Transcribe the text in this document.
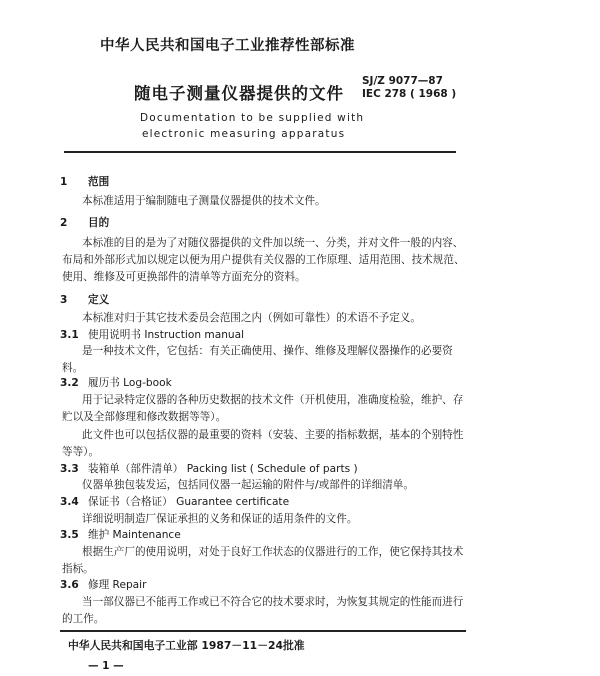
中华人民共和国电子工业推荐性部标准
随电子测量仪器提供的文件
SJ/Z 9077—87
IEC 278 ( 1968 )
Documentation to be supplied with
electronic measuring apparatus
1 范围
本标准适用于编制随电子测量仪器提供的技术文件。
2 目的
本标准的目的是为了对随仪器提供的文件加以统一、分类，并对文件一般的内容、
布局和外部形式加以规定以便为用户提供有关仪器的工作原理、适用范围、技术规范、
使用、维修及可更换部件的清单等方面充分的资料。
3 定义
本标准对归于其它技术委员会范围之内（例如可靠性）的术语不予定义。
3.1 使用说明书 Instruction manual
是一种技术文件，它包括：有关正确使用、操作、维修及理解仪器操作的必要资
料。
3.2 履历书 Log-book
用于记录特定仪器的各种历史数据的技术文件（开机使用，准确度检验，维护、存
贮以及全部修理和修改数据等等）。
此文件也可以包括仪器的最重要的资料（安装、主要的指标数据，基本的个别特性
等等）。
3.3 装箱单（部件清单） Packing list ( Schedule of parts )
仪器单独包装发运，包括同仪器一起运输的附件与/或部件的详细清单。
3.4 保证书（合格证） Guarantee certificate
详细说明制造厂保证承担的义务和保证的适用条件的文件。
3.5 维护 Maintenance
根据生产厂的使用说明，对处于良好工作状态的仪器进行的工作，使它保持其技术
指标。
3.6 修理 Repair
当一部仪器已不能再工作或已不符合它的技术要求时，为恢复其规定的性能而进行
的工作。
中华人民共和国电子工业部 1987－11－24批准
— 1 —
